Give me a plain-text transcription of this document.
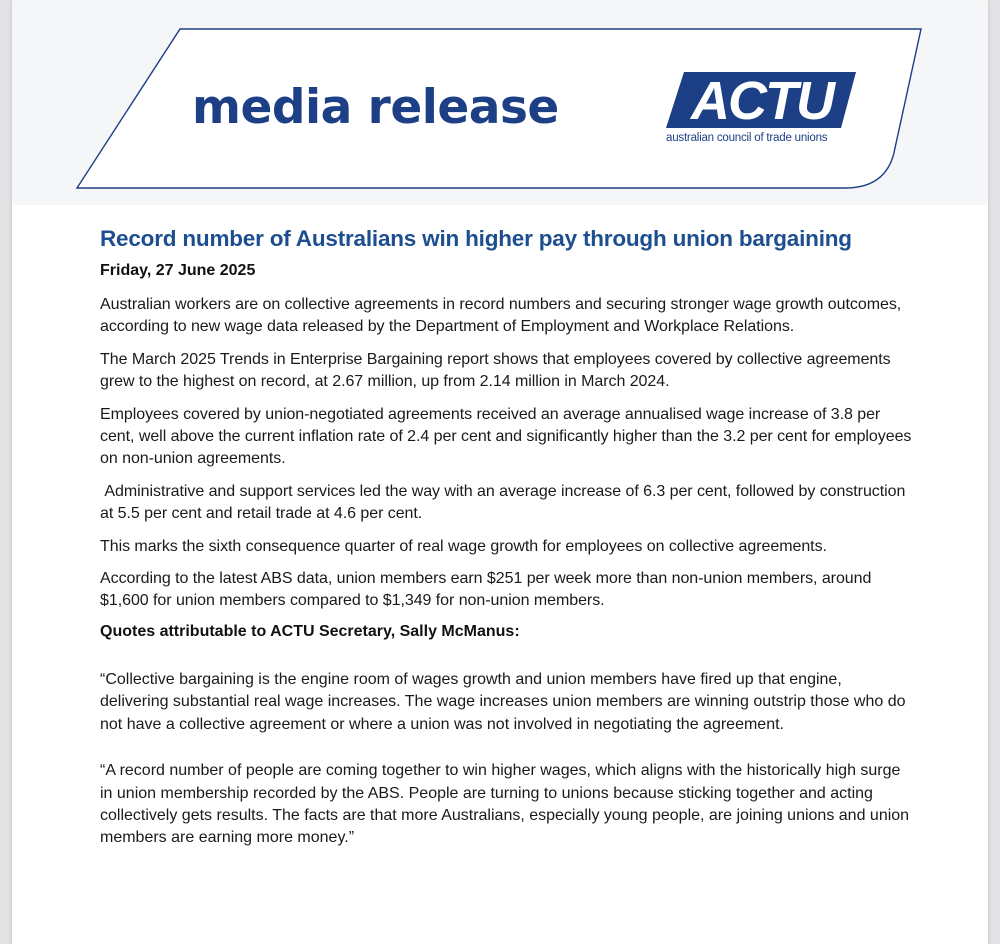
media release ACTU
australian council of trade unions
Record number of Australians win higher pay through union bargaining
Friday, 27 June 2025

Australian workers are on collective agreements in record numbers and securing stronger wage growth outcomes, according to new wage data released by the Department of Employment and Workplace Relations.

The March 2025 Trends in Enterprise Bargaining report shows that employees covered by collective agreements grew to the highest on record, at 2.67 million, up from 2.14 million in March 2024.

Employees covered by union-negotiated agreements received an average annualised wage increase of 3.8 per cent, well above the current inflation rate of 2.4 per cent and significantly higher than the 3.2 per cent for employees on non-union agreements.

Administrative and support services led the way with an average increase of 6.3 per cent, followed by construction at 5.5 per cent and retail trade at 4.6 per cent.

This marks the sixth consequence quarter of real wage growth for employees on collective agreements.

According to the latest ABS data, union members earn $251 per week more than non-union members, around $1,600 for union members compared to $1,349 for non-union members.

Quotes attributable to ACTU Secretary, Sally McManus:

“Collective bargaining is the engine room of wages growth and union members have fired up that engine, delivering substantial real wage increases. The wage increases union members are winning outstrip those who do not have a collective agreement or where a union was not involved in negotiating the agreement.

“A record number of people are coming together to win higher wages, which aligns with the historically high surge in union membership recorded by the ABS. People are turning to unions because sticking together and acting collectively gets results. The facts are that more Australians, especially young people, are joining unions and union members are earning more money.”
